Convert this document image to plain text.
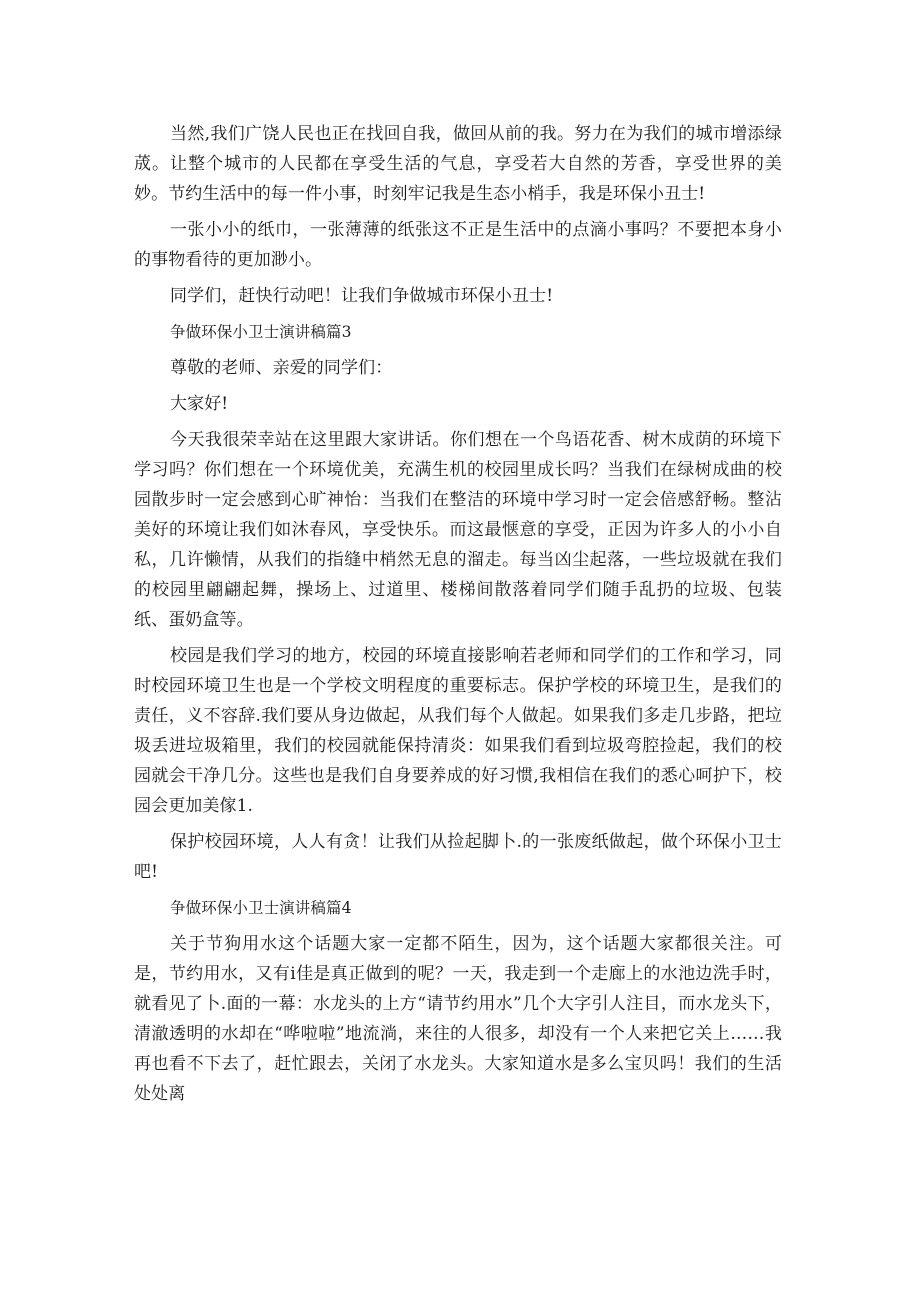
当然,我们广饶人民也正在找回自我，做回从前的我。努力在为我们的城市增添绿荿。让整个城市的人民都在享受生活的气息，享受若大自然的芳香，享受世界的美妙。节约生活中的每一件小事，时刻牢记我是生态小梢手，我是环保小丑士!

一张小小的纸巾，一张薄薄的纸张这不正是生活中的点滴小事吗？不要把本身小的事物看待的更加渺小。

同学们，赶快行动吧！让我们争做城市环保小丑士!

争做环保小卫士演讲稿篇3

尊敬的老师、亲爱的同学们：

大家好!

今天我很荣幸站在这里跟大家讲话。你们想在一个鸟语花香、树木成荫的环境下学习吗？你们想在一个环境优美，充满生机的校园里成长吗？当我们在绿树成曲的校园散步时一定会感到心旷神怡：当我们在整洁的环境中学习时一定会倍感舒畅。整沾美好的环境让我们如沐春风，享受快乐。而这最惬意的享受，正因为许多人的小小自私，几许懒情，从我们的指缝中梢然无息的溜走。每当凶尘起落，一些垃圾就在我们的校园里翩翩起舞，操场上、过道里、楼梯间散落着同学们随手乱扔的垃圾、包装纸、蛋奶盒等。

校园是我们学习的地方，校园的环境直接影响若老师和同学们的工作和学习，同时校园环境卫生也是一个学校文明程度的重要标志。保护学校的环境卫生，是我们的责任，义不容辞.我们要从身边做起，从我们每个人做起。如果我们多走几步路，把垃圾丢进垃圾箱里，我们的校园就能保持清炎：如果我们看到垃圾弯腔捡起，我们的校园就会干净几分。这些也是我们自身要养成的好习惯,我相信在我们的悉心呵护下，校园会更加美傢1.

保护校园环境，人人有贪！让我们从捡起脚卜.的一张废纸做起，做个环保小卫士吧!

争做环保小卫士演讲稿篇4

关于节狗用水这个话题大家一定都不陌生，因为，这个话题大家都很关注。可是，节约用水，又有i佳是真正做到的呢？一天，我走到一个走廊上的水池边洗手时，就看见了卜.面的一幕：水龙头的上方“请节约用水”几个大字引人注目，而水龙头下，清澈透明的水却在“哗啦啦”地流淌，来往的人很多，却没有一个人来把它关上……我再也看不下去了，赶忙跟去，关闭了水龙头。大家知道水是多么宝贝吗！我们的生活处处离
